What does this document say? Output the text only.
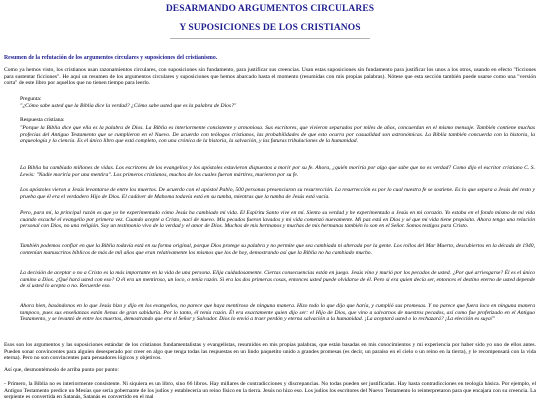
DESARMANDO ARGUMENTOS CIRCULARES
Y SUPOSICIONES DE LOS CRISTIANOS
Resumen de la refutación de los argumentos circulares y suposiciones del cristianismo.

Como ya hemos visto, los cristianos usan razonamientos circulares, con suposiciones sin fundamento, para justificar sus creencias. Usan estas suposiciones sin fundamento para justificar los unos a los otros, usando en efecto "ficciones para sustentar ficciones". He aquí un resumen de los argumentos circulares y suposiciones que hemos abarcado hasta el momento (resumidas con mis propias palabras). Nótese que esta sección también puede usarse como una "versión corta" de este libro por aquellos que no tienen tiempo para leerlo.

Pregunta:

"¿Cómo sabe usted que la Biblia dice la verdad? ¿Cómo sabe usted que es la palabra de Dios?"

Respuesta cristiana:

"Porque la Biblia dice que ella es la palabra de Dios. La Biblia es interiormente consistente y armoniosa. Sus escritores, que vivieron separados por miles de años, concuerdan en el mismo mensaje. También contiene muchas profecías del Antiguo Testamento que se cumplieron en el Nuevo. De acuerdo con teólogos cristianos, las probabilidades de que esto ocurra por casualidad son astronómicas. La Biblia también concuerda con la historia, la arqueología y la ciencia. Es el único libro que está completo, con una crónica de la historia, la salvación, y las futuras tribulaciones de la humanidad.

La Biblia ha cambiado millones de vidas. Los escritores de los evangelios y los apóstoles estuvieron dispuestos a morir por su fe. Ahora, ¿quién moriría por algo que sabe que no es verdad? Como dijo el escritor cristiano C. S. Lewis: "Nadie moriría por una mentira". Los primeros cristianos, muchos de los cuales fueron mártires, murieron por su fe.

Los apóstoles vieron a Jesús levantarse de entre los muertos. De acuerdo con el apóstol Pablo, 500 personas presenciaron su resurrección. La resurrección es por lo cual nuestra fe se sostiene. Es lo que separa a Jesús del resto y prueba que él era el verdadero Hijo de Dios. El cadáver de Mahoma todavía está en su tumba, mientras que la tumba de Jesús está vacía.

Pero, para mí, la principal razón es que yo he experimentado cómo Jesús ha cambiado mi vida. El Espíritu Santo vive en mí. Siento su verdad y he experimentado a Jesús en mi corazón. Yo estaba en el fondo mismo de mi vida cuando escuché el evangelio por primera vez. Cuando acepté a Cristo, nací de nuevo. Mis pecados fueron lavados y mi vida comenzó nuevamente. Mi paz está en Dios y sé que mi vida tiene propósito. Ahora tengo una relación personal con Dios, no una religión. Soy un testimonio vivo de la verdad y el amor de Dios. Muchos de mis hermanos y muchas de mis hermanas también lo son en el Señor. Somos testigos para Cristo.

También podemos confiar en que la Biblia todavía está en su forma original, porque Dios protege su palabra y no permite que sea cambiada ni alterada por la gente. Los rollos del Mar Muerto, descubiertos en la década de 1940, contenían manuscritos bíblicos de más de mil años que eran relativamente los mismos que los de hoy, demostrando así que la Biblia no ha cambiado mucho.

La decisión de aceptar o no a Cristo es la más importante en la vida de una persona. Elija cuidadosamente. Ciertas consecuencias están en juego. Jesús vino y murió por los pecados de usted. ¿Por qué arriesgarse? Él es el único camino a Dios. ¿Qué hará usted con eso? O él era un mentiroso, un loco, o tenía razón. Si era las dos primeras cosas, entonces usted puede olvidarse de él. Pero si era quien decía ser, entonces el destino eterno de usted depende de si usted lo acepta o no. Recuerde eso.

Ahora bien, basándonos en lo que Jesús hizo y dijo en los evangelios, no parece que haya mentiroso de ninguna manera. Hizo todo lo que dijo que haría, y cumplió sus promesas. Y no parece que fuera loco en ninguna manera tampoco, pues sus enseñanzas están llenas de gran sabiduría. Por lo tanto, él tenía razón. Él era exactamente quien dijo ser: el Hijo de Dios, que vino a salvarnos de nuestros pecados, así como fue profetizado en el Antiguo Testamento, y se levantó de entre los muertos, demostrando que era el Señor y Salvador. Dios lo envió a traer perdón y eterna salvación a la humanidad. ¡La aceptará usted o lo rechazará? ¡La elección es suya!"

Esos son los argumentos y las suposiciones estándar de los cristianos fundamentalistas y evangelistas, resumidos en mis propias palabras, que están basadas en mis conocimientos y mi experiencia por haber sido yo uno de ellos antes. Pueden sonar convincentes para alguien desesperado por creer en algo que tenga todas las respuestas en un lindo paquetito unido a grandes promesas (es decir, un paraíso en el cielo o un reino en la tierra), y le recompensará con la vida eterna). Pero no son convincentes para pensadores lógicos y objetivos.

Así que, desmontémoslo de arriba punto por punto:

- Primero, la Biblia no es interiormente consistente. Ni siquiera es un libro, sino 66 libros. Hay millares de contradicciones y discrepancias. No todas pueden ser justificadas. Hay hasta contradicciones en teología básica. Por ejemplo, el Antiguo Testamento predice un Mesías que sería gobernante de los judíos y establecería un reino físico en la tierra. Jesús no hizo eso. Los judíos los escritores del Nuevo Testamento lo reinterpretaron para que encajara con su creencia. La serpiente es convertida en Satanás, Satanás es convertido en el mal
